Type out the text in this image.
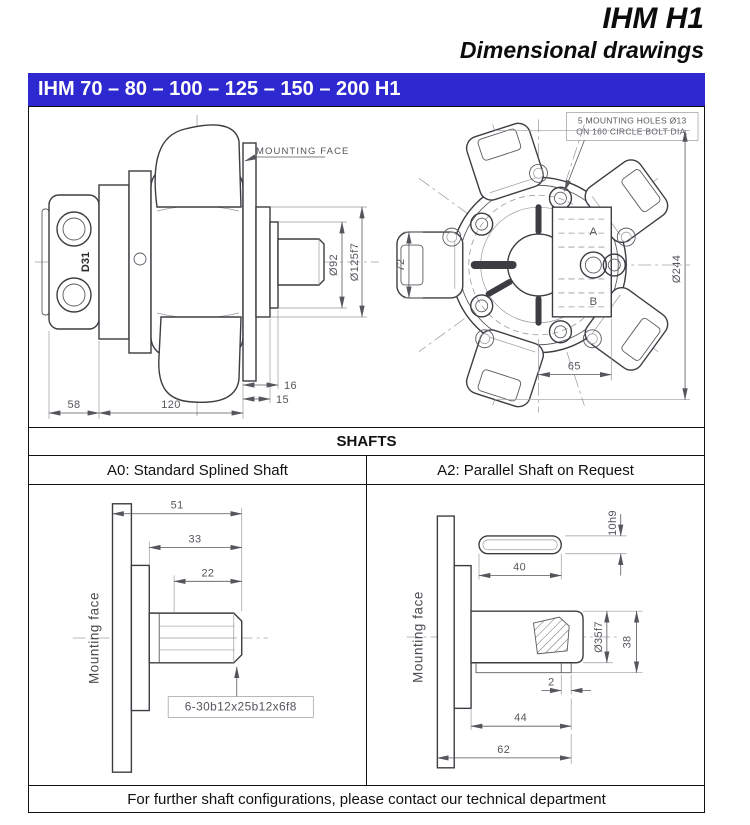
IHM H1
Dimensional drawings
IHM 70 – 80 – 100 – 125 – 150 – 200 H1
D31
MOUNTING FACE
Ø92 Ø125f7
16
15
58	120
A
B
5 MOUNTING HOLES Ø13
ON 160 CIRCLE BOLT DIA.
72	Ø244
65
SHAFTS
A0: Standard Splined Shaft	A2: Parallel Shaft on Request
Mounting face
51
33
22
6-30b12x25b12x6f8
Mounting face
40
10h9
Ø35f7 38
2
44
62
For further shaft configurations, please contact our technical department
